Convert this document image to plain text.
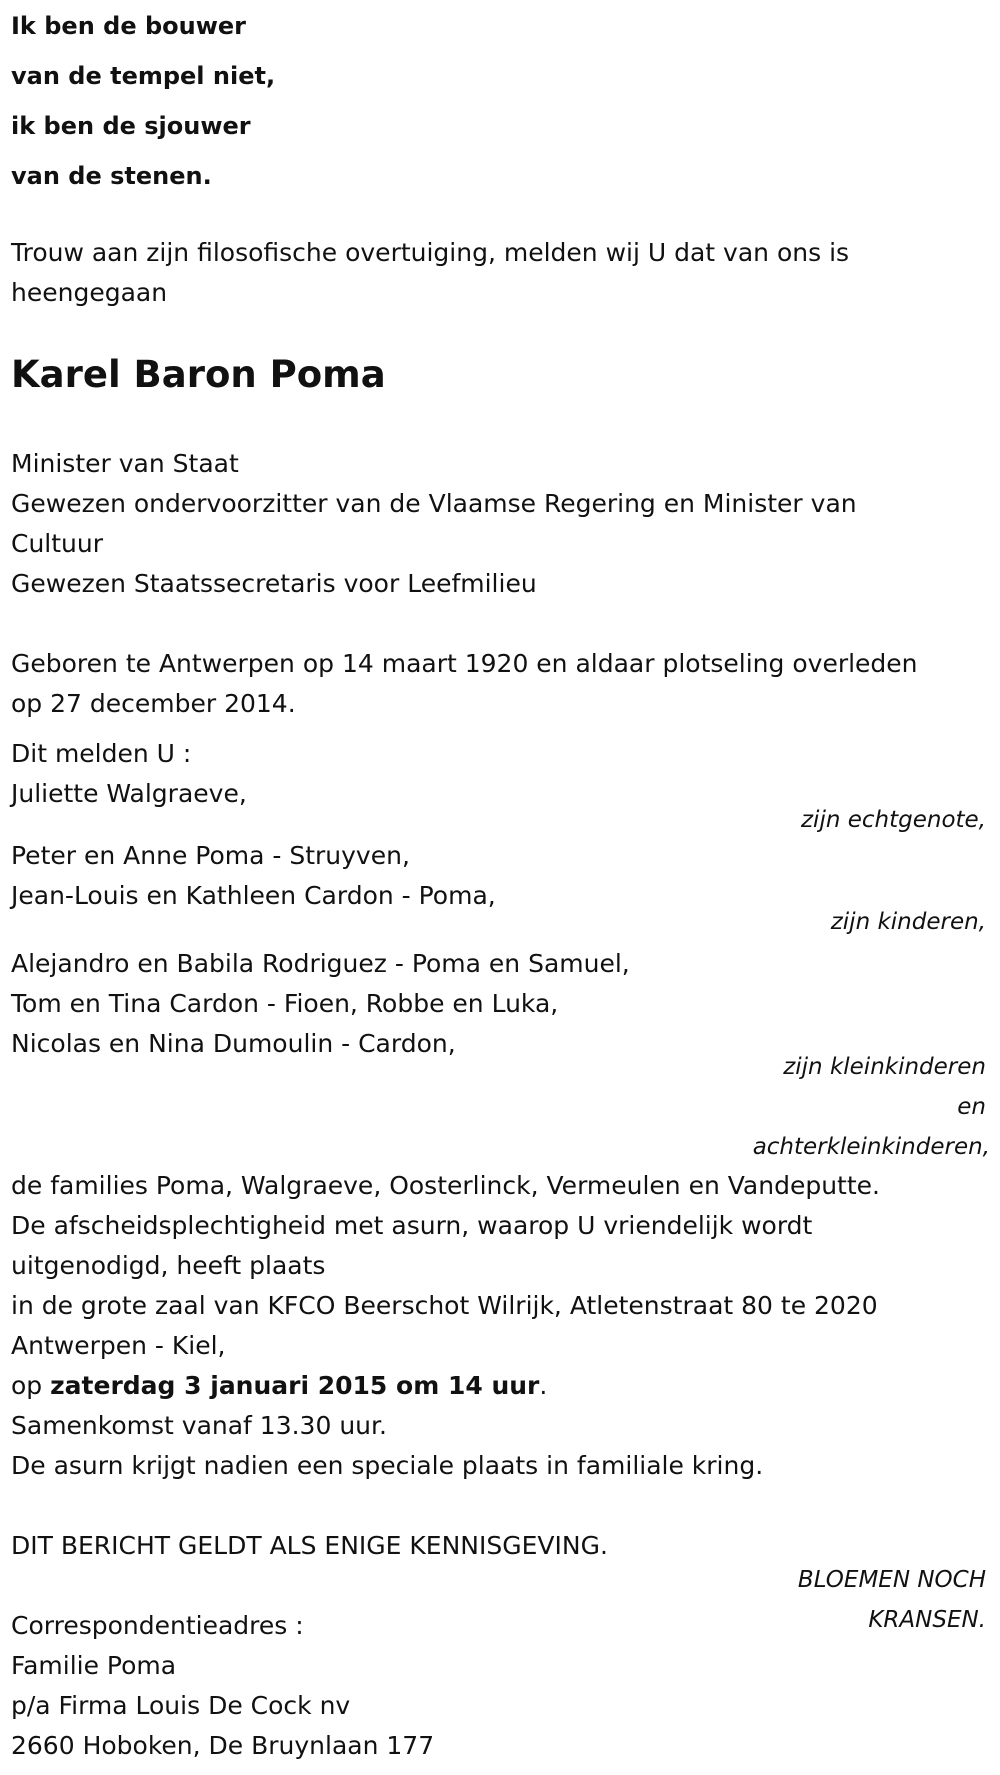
Ik ben de bouwer
van de tempel niet,
ik ben de sjouwer
van de stenen.
Trouw aan zijn filosofische overtuiging, melden wij U dat van ons is
heengegaan
Karel Baron Poma
Minister van Staat
Gewezen ondervoorzitter van de Vlaamse Regering en Minister van
Cultuur
Gewezen Staatssecretaris voor Leefmilieu
Geboren te Antwerpen op 14 maart 1920 en aldaar plotseling overleden
op 27 december 2014.
Dit melden U :
Juliette Walgraeve,
zijn echtgenote,
Peter en Anne Poma - Struyven,
Jean-Louis en Kathleen Cardon - Poma,
zijn kinderen,
Alejandro en Babila Rodriguez - Poma en Samuel,
Tom en Tina Cardon - Fioen, Robbe en Luka,
Nicolas en Nina Dumoulin - Cardon,
zijn kleinkinderen
en
achterkleinkinderen,
de families Poma, Walgraeve, Oosterlinck, Vermeulen en Vandeputte.
De afscheidsplechtigheid met asurn, waarop U vriendelijk wordt
uitgenodigd, heeft plaats
in de grote zaal van KFCO Beerschot Wilrijk, Atletenstraat 80 te 2020
Antwerpen - Kiel,
op zaterdag 3 januari 2015 om 14 uur.
Samenkomst vanaf 13.30 uur.
De asurn krijgt nadien een speciale plaats in familiale kring.
DIT BERICHT GELDT ALS ENIGE KENNISGEVING.
BLOEMEN NOCH
KRANSEN.
Correspondentieadres :
Familie Poma
p/a Firma Louis De Cock nv
2660 Hoboken, De Bruynlaan 177
